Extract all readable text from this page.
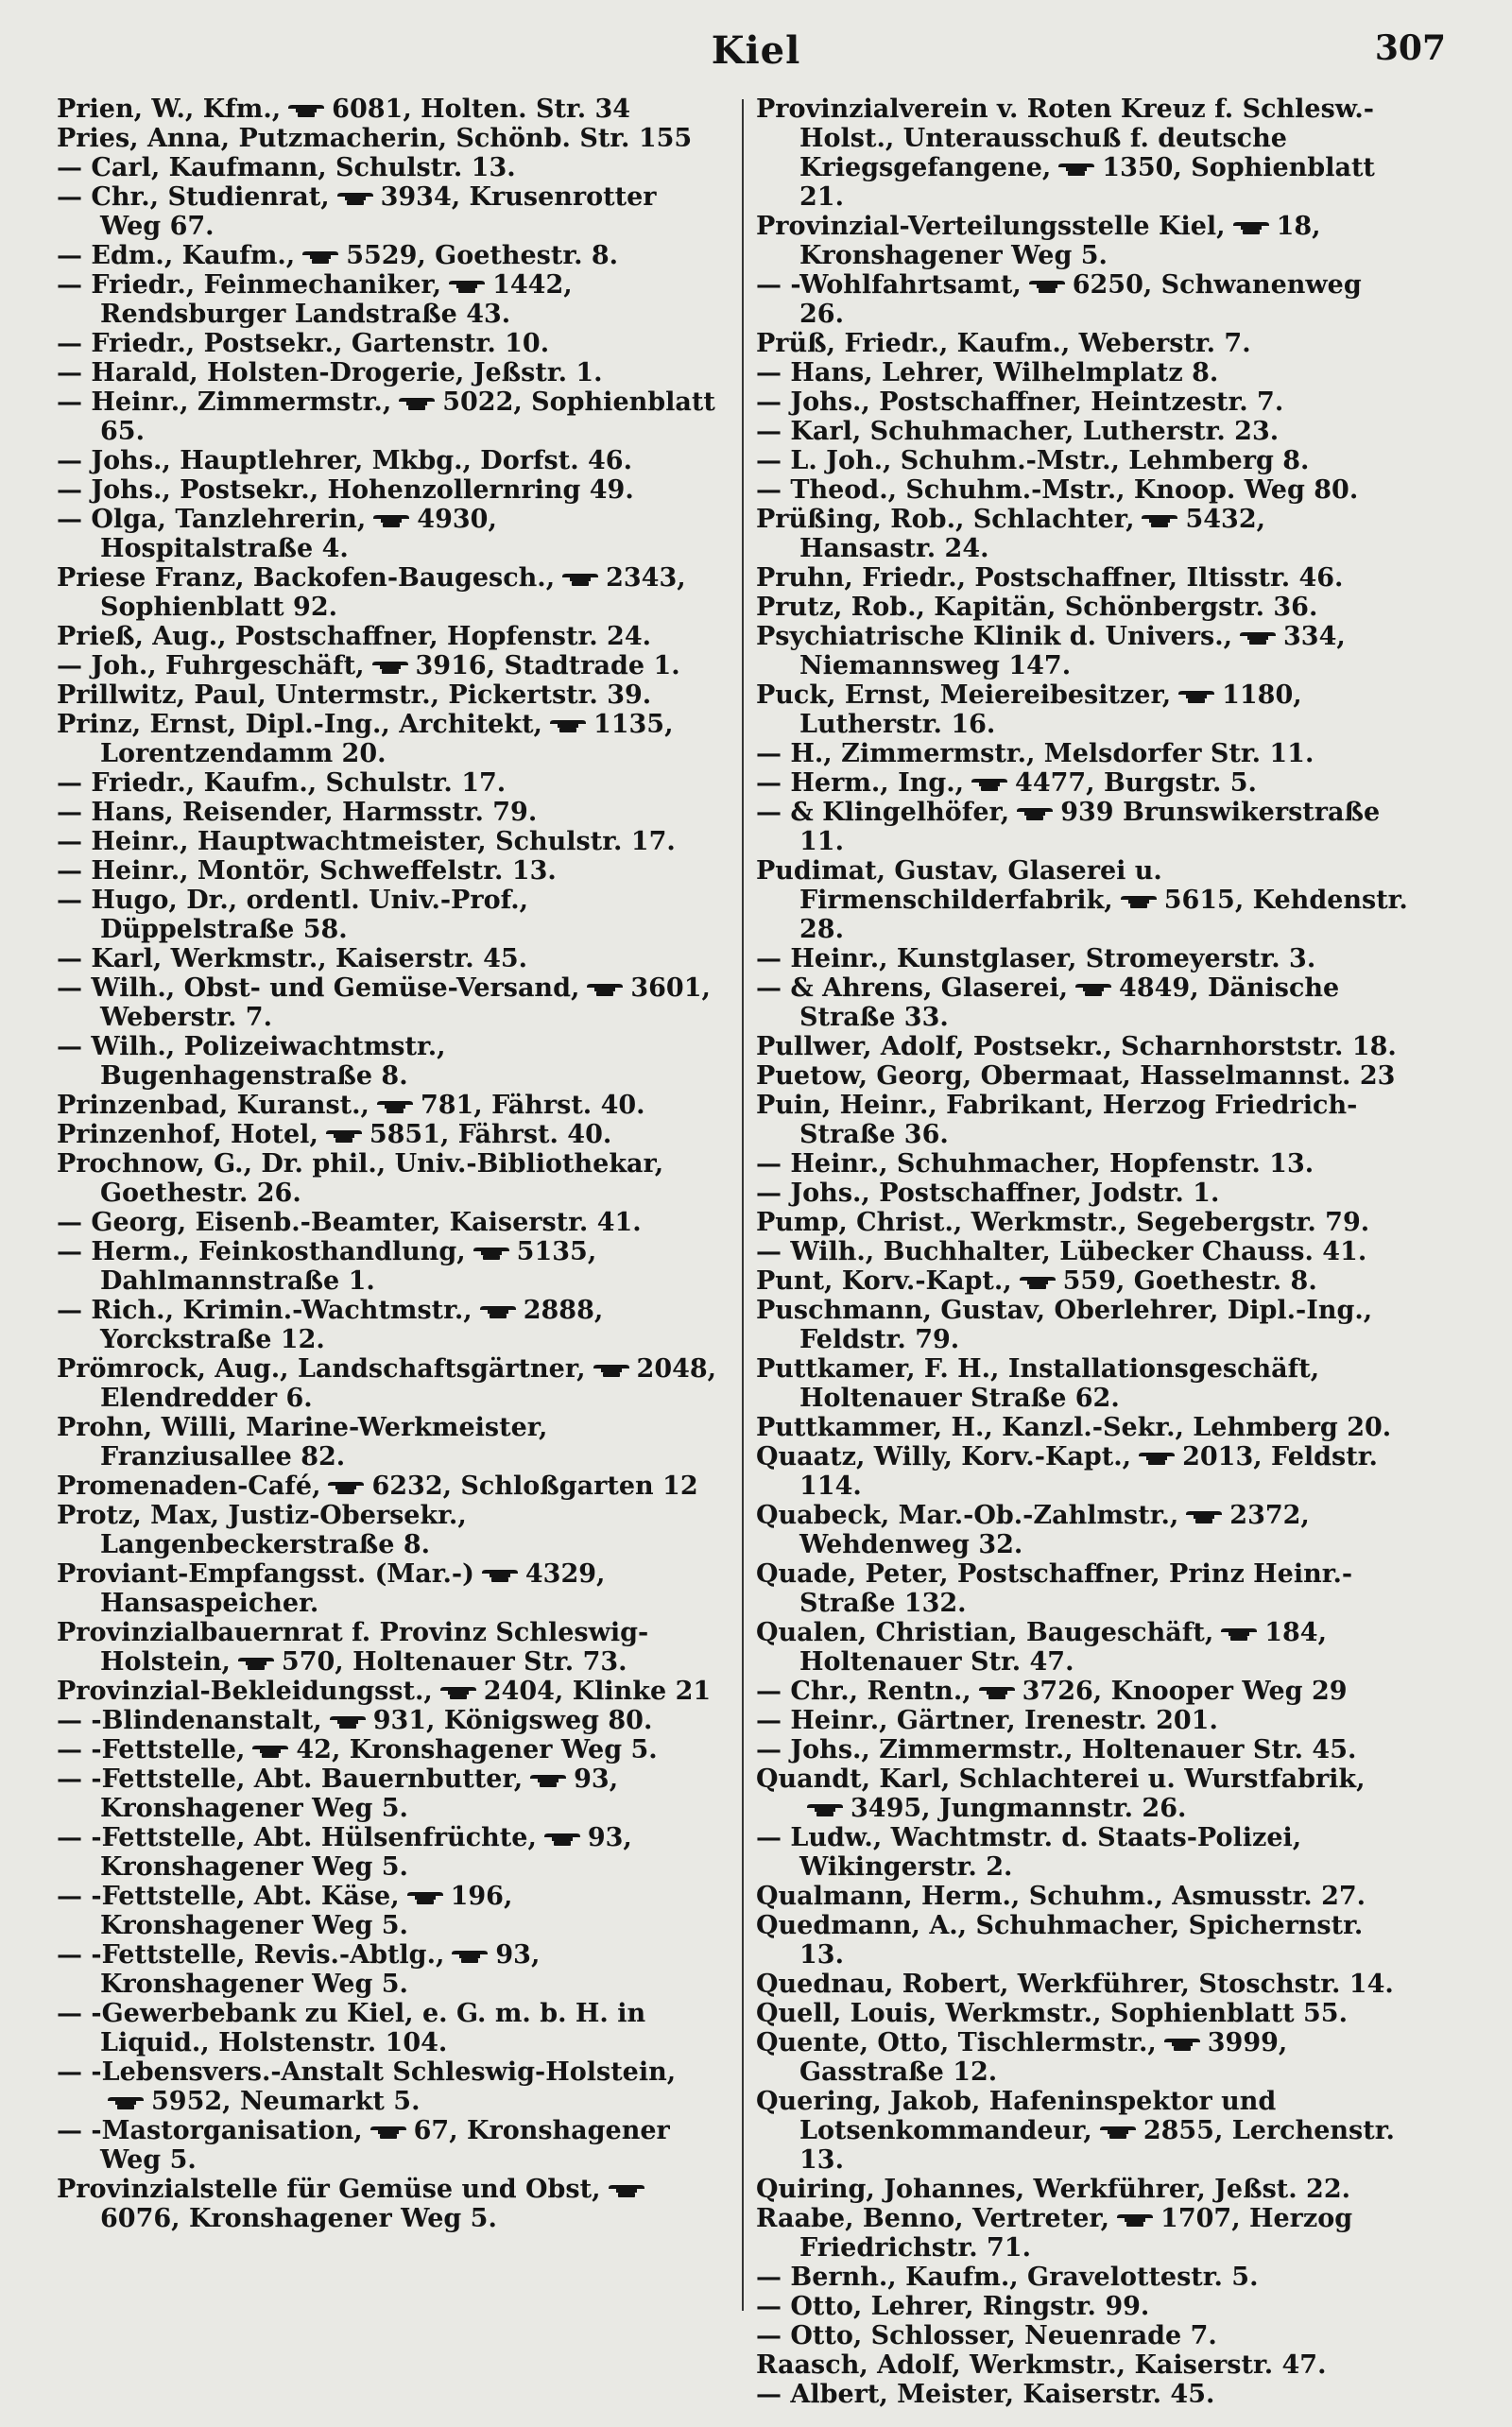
Kiel	307

Prien, W., Kfm., 6081, Holten. Str. 34

Pries, Anna, Putzmacherin, Schönb. Str. 155

— Carl, Kaufmann, Schulstr. 13.

— Chr., Studienrat, 3934, Krusenrotter Weg 67.

— Edm., Kaufm., 5529, Goethestr. 8.

— Friedr., Feinmechaniker, 1442, Rendsburger Landstraße 43.

— Friedr., Postsekr., Gartenstr. 10.

— Harald, Holsten-Drogerie, Jeßstr. 1.

— Heinr., Zimmermstr., 5022, Sophienblatt 65.

— Johs., Hauptlehrer, Mkbg., Dorfst. 46.

— Johs., Postsekr., Hohenzollernring 49.

— Olga, Tanzlehrerin, 4930, Hospitalstraße 4.

Priese Franz, Backofen-Baugesch., 2343, Sophienblatt 92.

Prieß, Aug., Postschaffner, Hopfenstr. 24.

— Joh., Fuhrgeschäft, 3916, Stadtrade 1.

Prillwitz, Paul, Untermstr., Pickertstr. 39.

Prinz, Ernst, Dipl.-Ing., Architekt, 1135, Lorentzendamm 20.

— Friedr., Kaufm., Schulstr. 17.

— Hans, Reisender, Harmsstr. 79.

— Heinr., Hauptwachtmeister, Schulstr. 17.

— Heinr., Montör, Schweffelstr. 13.

— Hugo, Dr., ordentl. Univ.-Prof., Düppelstraße 58.

— Karl, Werkmstr., Kaiserstr. 45.

— Wilh., Obst- und Gemüse-Versand, 3601, Weberstr. 7.

— Wilh., Polizeiwachtmstr., Bugenhagenstraße 8.

Prinzenbad, Kuranst., 781, Fährst. 40.

Prinzenhof, Hotel, 5851, Fährst. 40.

Prochnow, G., Dr. phil., Univ.-Bibliothekar, Goethestr. 26.

— Georg, Eisenb.-Beamter, Kaiserstr. 41.

— Herm., Feinkosthandlung, 5135, Dahlmannstraße 1.

— Rich., Krimin.-Wachtmstr., 2888, Yorckstraße 12.

Prömrock, Aug., Landschaftsgärtner, 2048, Elendredder 6.

Prohn, Willi, Marine-Werkmeister, Franziusallee 82.

Promenaden-Café, 6232, Schloßgarten 12

Protz, Max, Justiz-Obersekr., Langenbeckerstraße 8.

Proviant-Empfangsst. (Mar.-) 4329, Hansaspeicher.

Provinzialbauernrat f. Provinz Schleswig-Holstein, 570, Holtenauer Str. 73.

Provinzial-Bekleidungsst., 2404, Klinke 21

— -Blindenanstalt, 931, Königsweg 80.

— -Fettstelle, 42, Kronshagener Weg 5.

— -Fettstelle, Abt. Bauernbutter, 93, Kronshagener Weg 5.

— -Fettstelle, Abt. Hülsenfrüchte, 93, Kronshagener Weg 5.

— -Fettstelle, Abt. Käse, 196, Kronshagener Weg 5.

— -Fettstelle, Revis.-Abtlg., 93, Kronshagener Weg 5.

— -Gewerbebank zu Kiel, e. G. m. b. H. in Liquid., Holstenstr. 104.

— -Lebensvers.-Anstalt Schleswig-Holstein,
5952, Neumarkt 5.

— -Mastorganisation, 67, Kronshagener Weg 5.

Provinzialstelle für Gemüse und Obst,
6076, Kronshagener Weg 5.

Provinzialverein v. Roten Kreuz f. Schlesw.-Holst., Unterausschuß f. deutsche Kriegsgefangene, 1350, Sophienblatt 21.

Provinzial-Verteilungsstelle Kiel, 18, Kronshagener Weg 5.

— -Wohlfahrtsamt, 6250, Schwanenweg 26.

Prüß, Friedr., Kaufm., Weberstr. 7.

— Hans, Lehrer, Wilhelmplatz 8.

— Johs., Postschaffner, Heintzestr. 7.

— Karl, Schuhmacher, Lutherstr. 23.

— L. Joh., Schuhm.-Mstr., Lehmberg 8.

— Theod., Schuhm.-Mstr., Knoop. Weg 80.

Prüßing, Rob., Schlachter, 5432, Hansastr. 24.

Pruhn, Friedr., Postschaffner, Iltisstr. 46.

Prutz, Rob., Kapitän, Schönbergstr. 36.

Psychiatrische Klinik d. Univers., 334, Niemannsweg 147.

Puck, Ernst, Meiereibesitzer, 1180, Lutherstr. 16.

— H., Zimmermstr., Melsdorfer Str. 11.

— Herm., Ing., 4477, Burgstr. 5.

— & Klingelhöfer, 939 Brunswikerstraße 11.

Pudimat, Gustav, Glaserei u. Firmenschilderfabrik, 5615, Kehdenstr. 28.

— Heinr., Kunstglaser, Stromeyerstr. 3.

— & Ahrens, Glaserei, 4849, Dänische Straße 33.

Pullwer, Adolf, Postsekr., Scharnhorststr. 18.

Puetow, Georg, Obermaat, Hasselmannst. 23

Puin, Heinr., Fabrikant, Herzog Friedrich-Straße 36.

— Heinr., Schuhmacher, Hopfenstr. 13.

— Johs., Postschaffner, Jodstr. 1.

Pump, Christ., Werkmstr., Segebergstr. 79.

— Wilh., Buchhalter, Lübecker Chauss. 41.

Punt, Korv.-Kapt., 559, Goethestr. 8.

Puschmann, Gustav, Oberlehrer, Dipl.-Ing., Feldstr. 79.

Puttkamer, F. H., Installationsgeschäft, Holtenauer Straße 62.

Puttkammer, H., Kanzl.-Sekr., Lehmberg 20.

Quaatz, Willy, Korv.-Kapt., 2013, Feldstr. 114.

Quabeck, Mar.-Ob.-Zahlmstr., 2372, Wehdenweg 32.

Quade, Peter, Postschaffner, Prinz Heinr.-Straße 132.

Qualen, Christian, Baugeschäft, 184, Holtenauer Str. 47.

— Chr., Rentn., 3726, Knooper Weg 29

— Heinr., Gärtner, Irenestr. 201.

— Johs., Zimmermstr., Holtenauer Str. 45.

Quandt, Karl, Schlachterei u. Wurstfabrik,
3495, Jungmannstr. 26.

— Ludw., Wachtmstr. d. Staats-Polizei, Wikingerstr. 2.

Qualmann, Herm., Schuhm., Asmusstr. 27.

Quedmann, A., Schuhmacher, Spichernstr. 13.

Quednau, Robert, Werkführer, Stoschstr. 14.

Quell, Louis, Werkmstr., Sophienblatt 55.

Quente, Otto, Tischlermstr., 3999, Gasstraße 12.

Quering, Jakob, Hafeninspektor und Lotsenkommandeur, 2855, Lerchenstr. 13.

Quiring, Johannes, Werkführer, Jeßst. 22.

Raabe, Benno, Vertreter, 1707, Herzog Friedrichstr. 71.

— Bernh., Kaufm., Gravelottestr. 5.

— Otto, Lehrer, Ringstr. 99.

— Otto, Schlosser, Neuenrade 7.

Raasch, Adolf, Werkmstr., Kaiserstr. 47.

— Albert, Meister, Kaiserstr. 45.
